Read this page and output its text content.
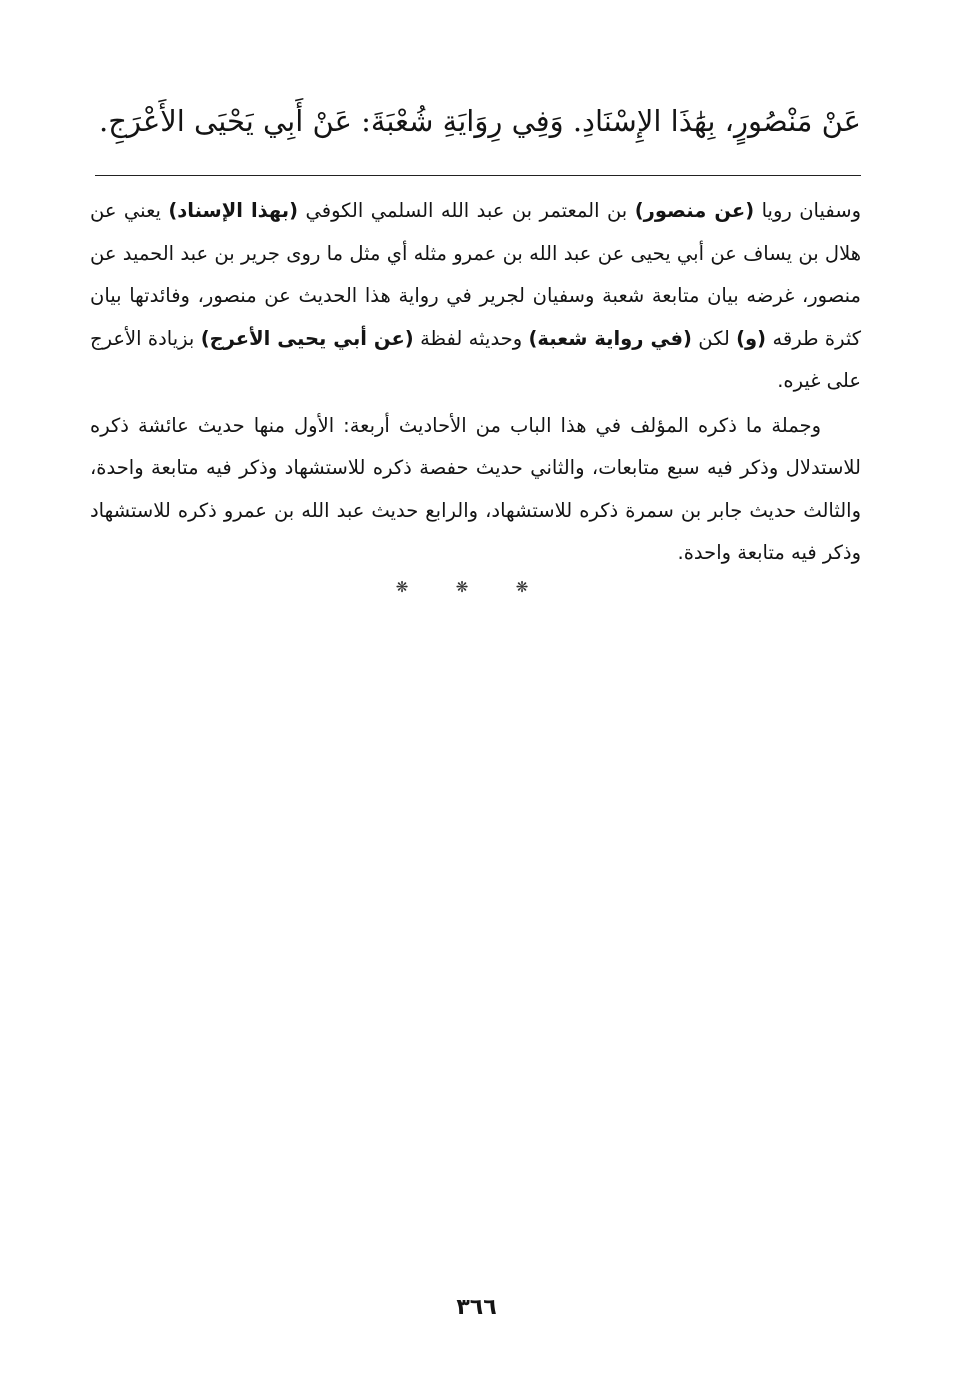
عَنْ مَنْصُورٍ، بِهَٰذَا الإِسْنَادِ. وَفِي رِوَايَةِ شُعْبَةَ: عَنْ أَبِي يَحْيَى الأَعْرَجِ.

وسفيان رويا (عن منصور) بن المعتمر بن عبد الله السلمي الكوفي (بهذا الإسناد) يعني عن هلال بن يساف عن أبي يحيى عن عبد الله بن عمرو مثله أي مثل ما روى جرير بن عبد الحميد عن منصور، غرضه بيان متابعة شعبة وسفيان لجرير في رواية هذا الحديث عن منصور، وفائدتها بيان كثرة طرقه (و) لكن (في رواية شعبة) وحديثه لفظة (عن أبي يحيى الأعرج) بزيادة الأعرج على غيره.

وجملة ما ذكره المؤلف في هذا الباب من الأحاديث أربعة: الأول منها حديث عائشة ذكره للاستدلال وذكر فيه سبع متابعات، والثاني حديث حفصة ذكره للاستشهاد وذكر فيه متابعة واحدة، والثالث حديث جابر بن سمرة ذكره للاستشهاد، والرابع حديث عبد الله بن عمرو ذكره للاستشهاد وذكر فيه متابعة واحدة.

❋	❋	❋
٣٦٦
